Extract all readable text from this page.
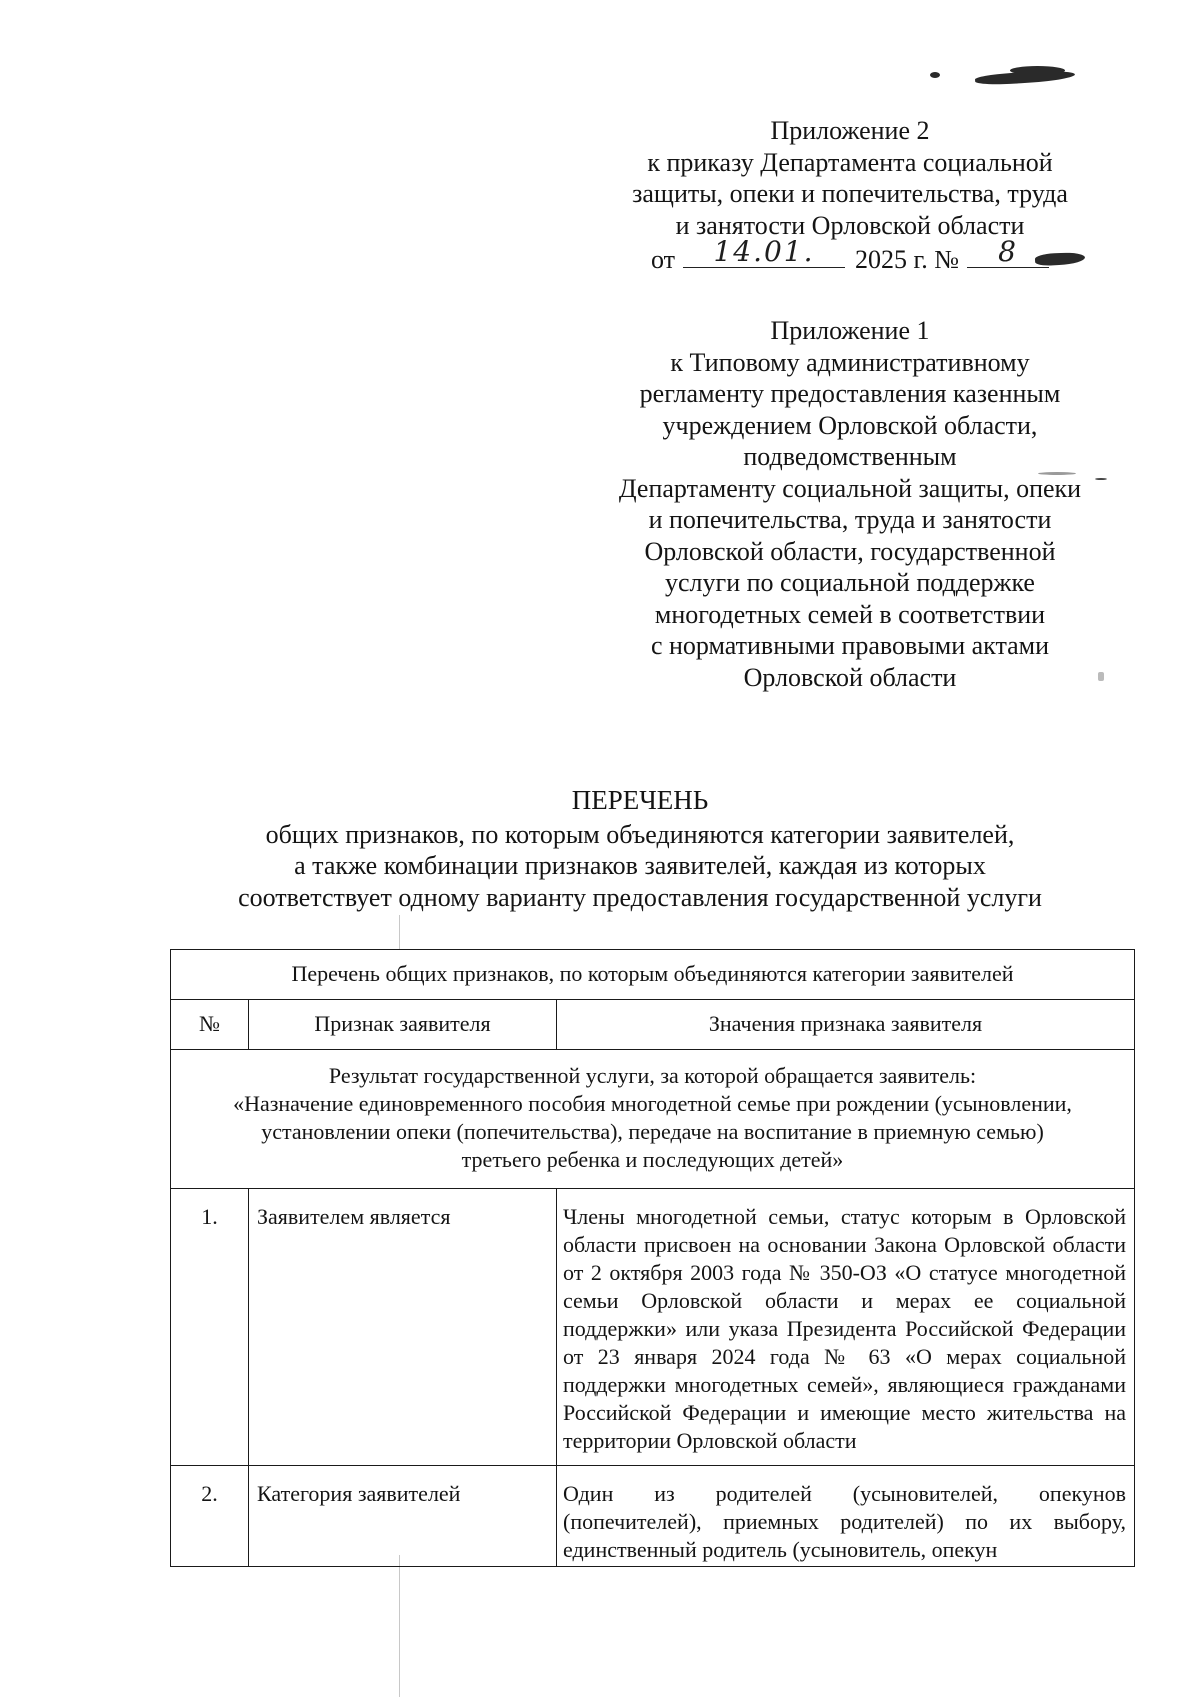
Приложение 2
к приказу Департамента социальной
защиты, опеки и попечительства, труда
и занятости Орловской области
от	14.01.	2025 г. №	8
Приложение 1
к Типовому административному
регламенту предоставления казенным
учреждением Орловской области,
подведомственным
Департаменту социальной защиты, опеки
и попечительства, труда и занятости
Орловской области, государственной
услуги по социальной поддержке
многодетных семей в соответствии
с нормативными правовыми актами
Орловской области
ПЕРЕЧЕНЬ
общих признаков, по которым объединяются категории заявителей,
а также комбинации признаков заявителей, каждая из которых
соответствует одному варианту предоставления государственной услуги
Перечень общих признаков, по которым объединяются категории заявителей		
№	Признак заявителя	Значения признака заявителя

Результат государственной услуги, за которой обращается заявитель:
«Назначение единовременного пособия многодетной семье при рождении (усыновлении,
установлении опеки (попечительства), передаче на воспитание в приемную семью)
третьего ребенка и последующих детей»		

1.	Заявителем является	Члены многодетной семьи, статус которым в Орловской области присвоен на основании Закона Орловской области от 2 октября 2003 года № 350-ОЗ «О статусе многодетной семьи Орловской области и мерах ее социальной поддержки» или указа Президента Российской Федерации от 23 января 2024 года № 63 «О мерах социальной поддержки многодетных семей», являющиеся гражданами Российской Федерации и имеющие место жительства на территории Орловской области
2.	Категория заявителей	Один из родителей (усыновителей, опекунов (попечителей), приемных родителей) по их выбору, единственный родитель (усыновитель, опекун
